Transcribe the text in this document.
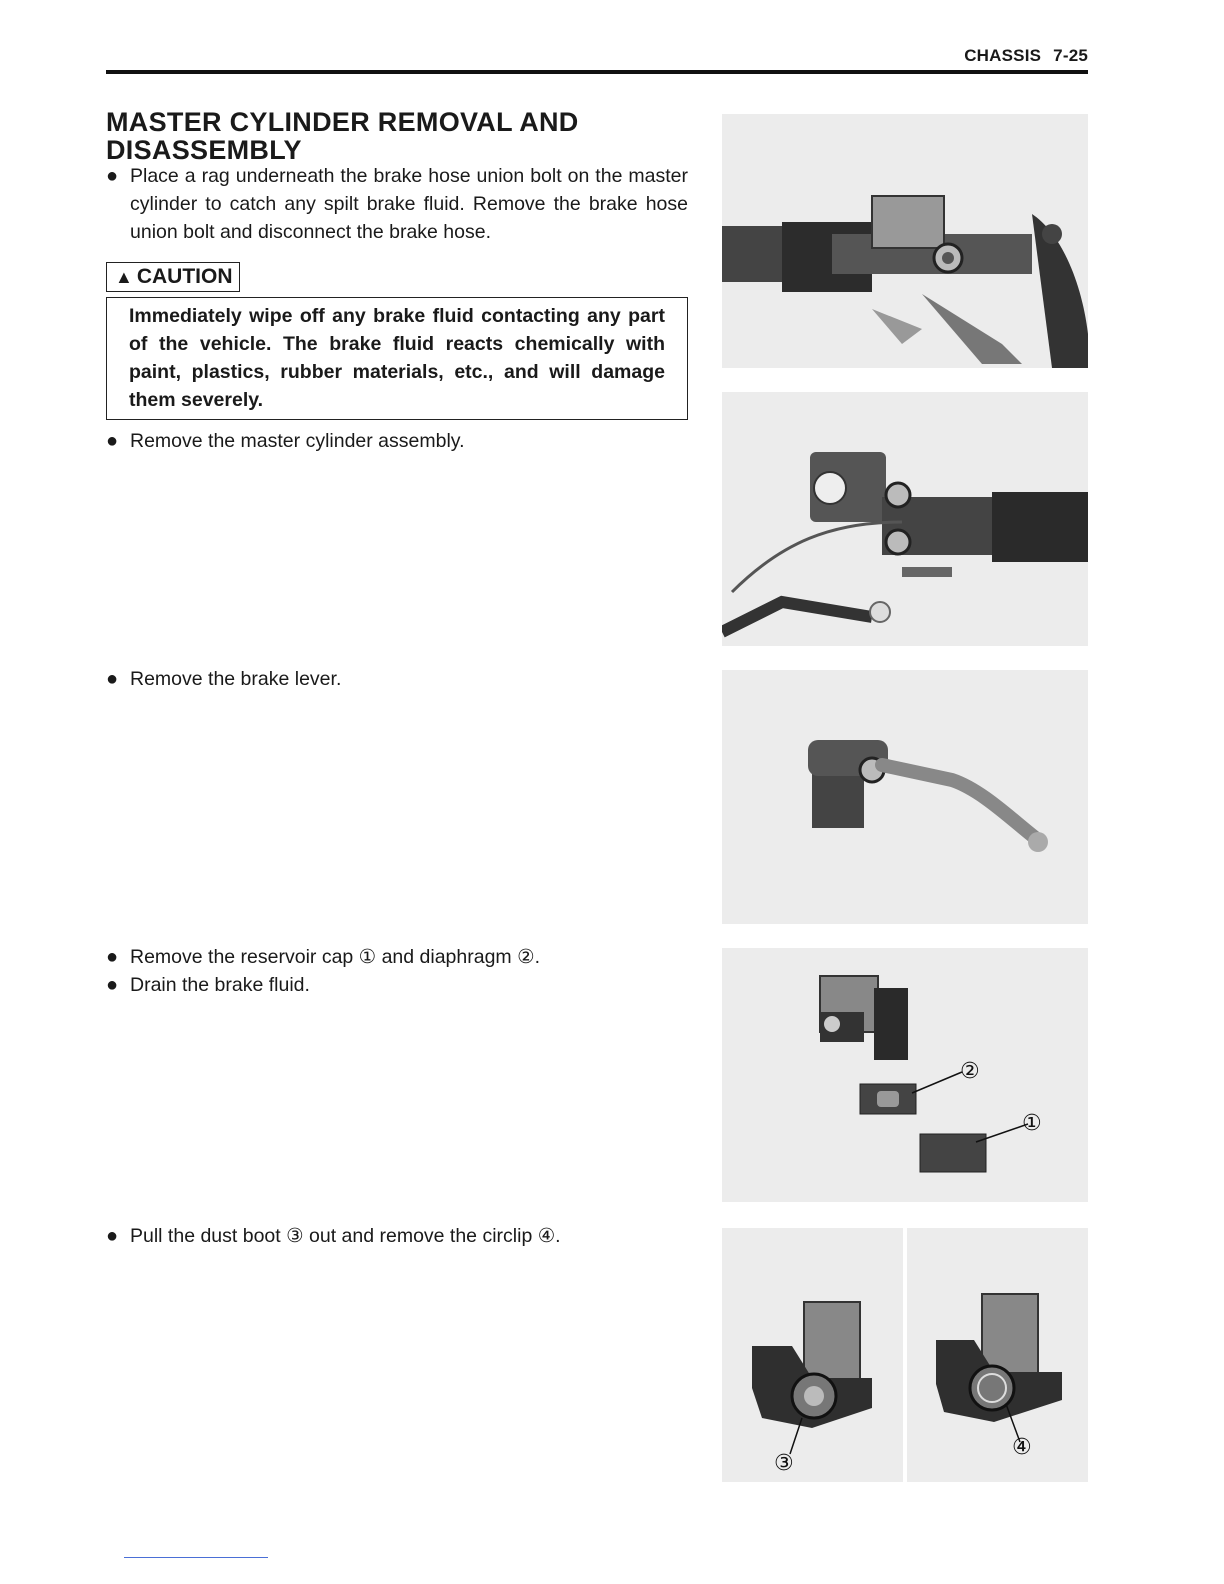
CHASSIS 7-25
MASTER CYLINDER REMOVAL AND DISASSEMBLY
● Place a rag underneath the brake hose union bolt on the master cylinder to catch any spilt brake fluid. Remove the brake hose union bolt and disconnect the brake hose.
▲ CAUTION
Immediately wipe off any brake fluid contacting any part of the vehicle. The brake fluid reacts chemically with paint, plastics, rubber materials, etc., and will damage them severely.
● Remove the master cylinder assembly.
● Remove the brake lever.
● Remove the reservoir cap ① and diaphragm ②.
● Drain the brake fluid.
● Pull the dust boot ③ out and remove the circlip ④.
②
①
③
④
